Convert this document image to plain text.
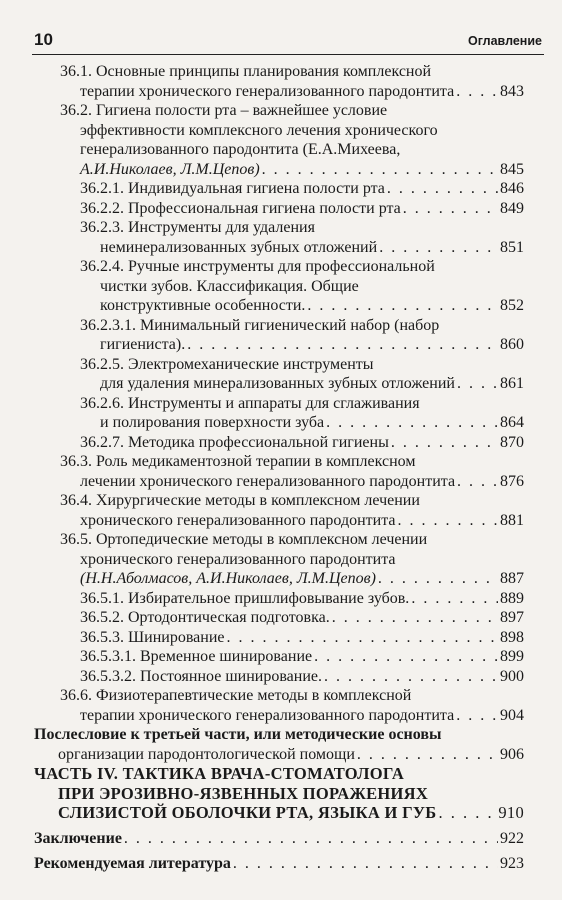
10	Оглавление
36.1. Основные принципы планирования комплексной
терапии хронического генерализованного пародонтита . . .	843
36.2. Гигиена полости рта – важнейшее условие
эффективности комплексного лечения хронического
генерализованного пародонтита (Е.А.Михеева,
А.И.Николаев, Л.М.Цепов) . . .	845
36.2.1. Индивидуальная гигиена полости рта . . .	846
36.2.2. Профессиональная гигиена полости рта . . .	849
36.2.3. Инструменты для удаления
неминерализованных зубных отложений . . .	851
36.2.4. Ручные инструменты для профессиональной
чистки зубов. Классификация. Общие
конструктивные особенности. . . .	852
36.2.3.1. Минимальный гигиенический набор (набор
гигиениста). . . .	860
36.2.5. Электромеханические инструменты
для удаления минерализованных зубных отложений . . .	861
36.2.6. Инструменты и аппараты для сглаживания
и полирования поверхности зуба . . .	864
36.2.7. Методика профессиональной гигиены . . .	870
36.3. Роль медикаментозной терапии в комплексном
лечении хронического генерализованного пародонтита . . .	876
36.4. Хирургические методы в комплексном лечении
хронического генерализованного пародонтита . . .	881
36.5. Ортопедические методы в комплексном лечении
хронического генерализованного пародонтита
(Н.Н.Аболмасов, А.И.Николаев, Л.М.Цепов) . . .	887
36.5.1. Избирательное пришлифовывание зубов. . . .	889
36.5.2. Ортодонтическая подготовка. . . .	897
36.5.3. Шинирование . . .	898
36.5.3.1. Временное шинирование . . .	899
36.5.3.2. Постоянное шинирование. . . .	900
36.6. Физиотерапевтические методы в комплексной
терапии хронического генерализованного пародонтита . . .	904
Послесловие к третьей части, или методические основы
организации пародонтологической помощи . . .	906
ЧАСТЬ IV. ТАКТИКА ВРАЧА-СТОМАТОЛОГА
ПРИ ЭРОЗИВНО-ЯЗВЕННЫХ ПОРАЖЕНИЯХ
СЛИЗИСТОЙ ОБОЛОЧКИ РТА, ЯЗЫКА И ГУБ . . .	910
Заключение . . .	922
Рекомендуемая литература . . .	923
